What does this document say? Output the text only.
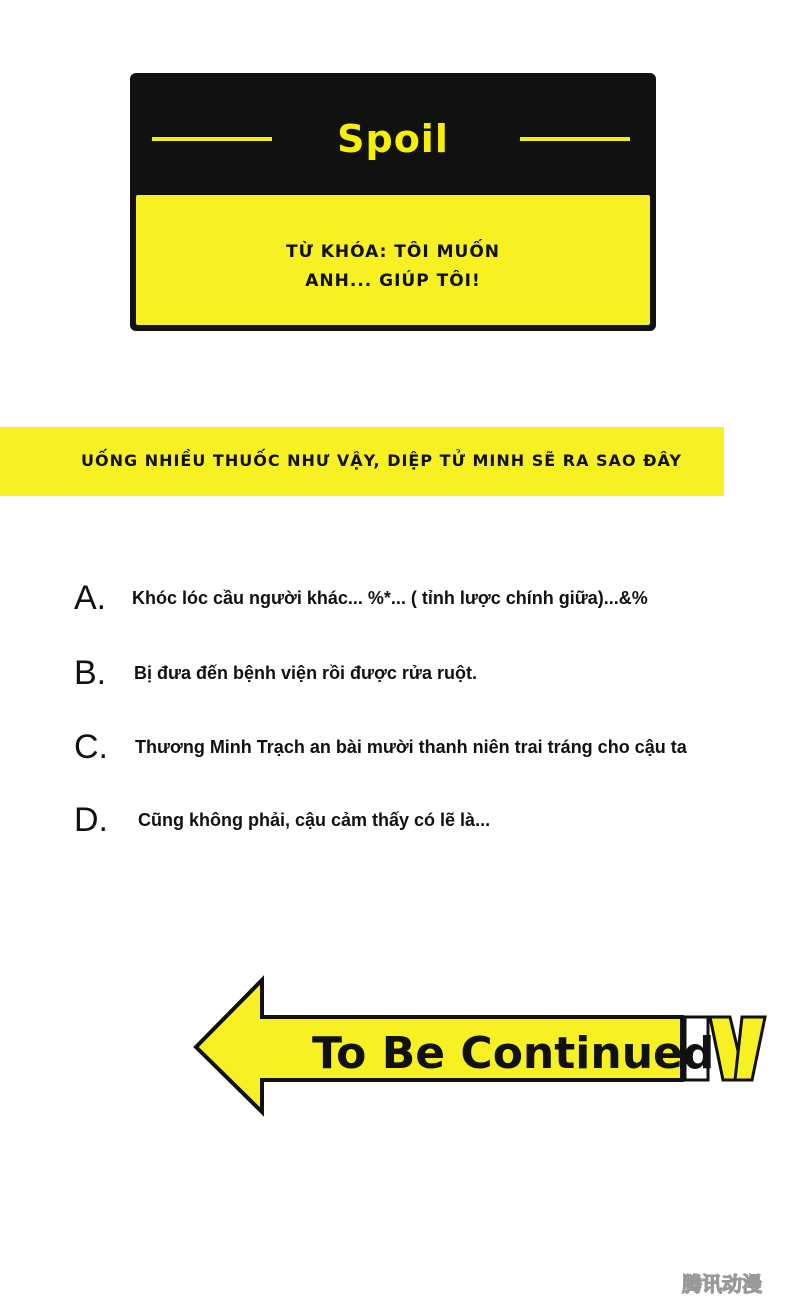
Spoil
TỪ KHÓA: TÔI MUỐN
ANH... GIÚP TÔI!
UỐNG NHIỀU THUỐC NHƯ VẬY, DIỆP TỬ MINH SẼ RA SAO ĐÂY
A. Khóc lóc cầu người khác... %*... ( tỉnh lược chính giữa)...&%
B. Bị đưa đến bệnh viện rồi được rửa ruột.
C. Thương Minh Trạch an bài mười thanh niên trai tráng cho cậu ta
D. Cũng không phải, cậu cảm thấy có lẽ là...
To Be Continued
腾讯动漫
